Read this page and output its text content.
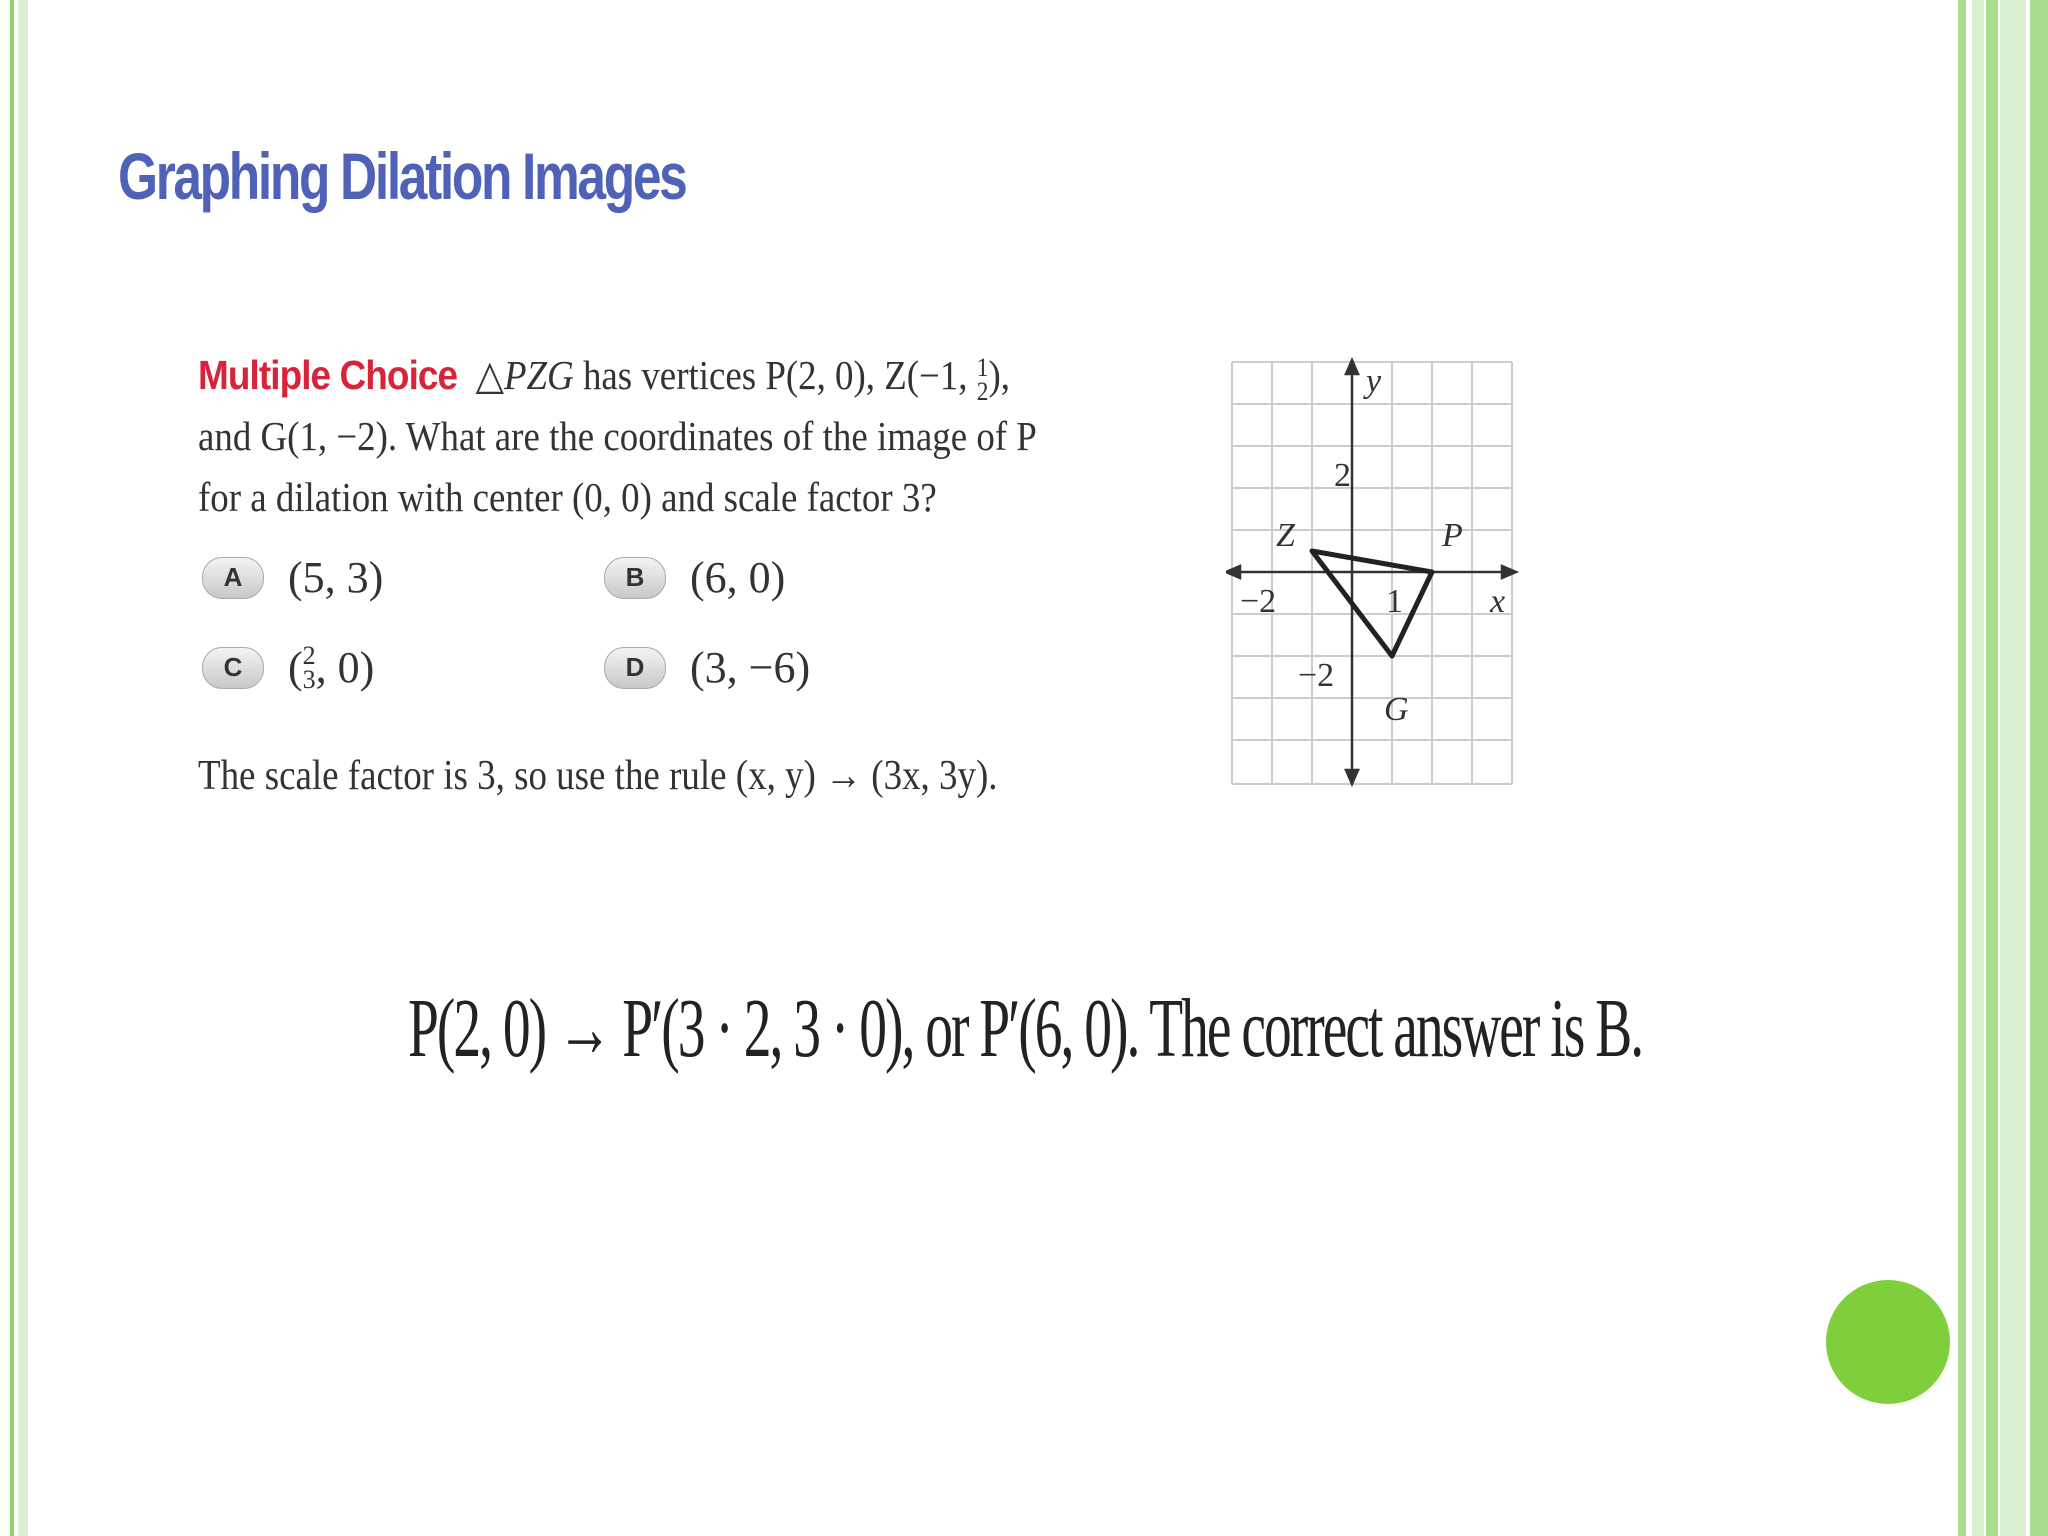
Graphing Dilation Images
Multiple Choice △PZG has vertices P(2, 0), Z(−1, 1
2 ), and G(1, −2). What are the coordinates of the image of P for a dilation with center (0, 0) and scale factor 3?
A	(5, 3)	B	(6, 0)
C	( 2
3 , 0)	D	(3, −6)
The scale factor is 3, so use the rule (x, y) → (3x, 3y).
y
x
2
−2	1
−2
Z	P
G
P(2, 0) → P′(3 · 2, 3 · 0), or P′(6, 0). The correct answer is B.
